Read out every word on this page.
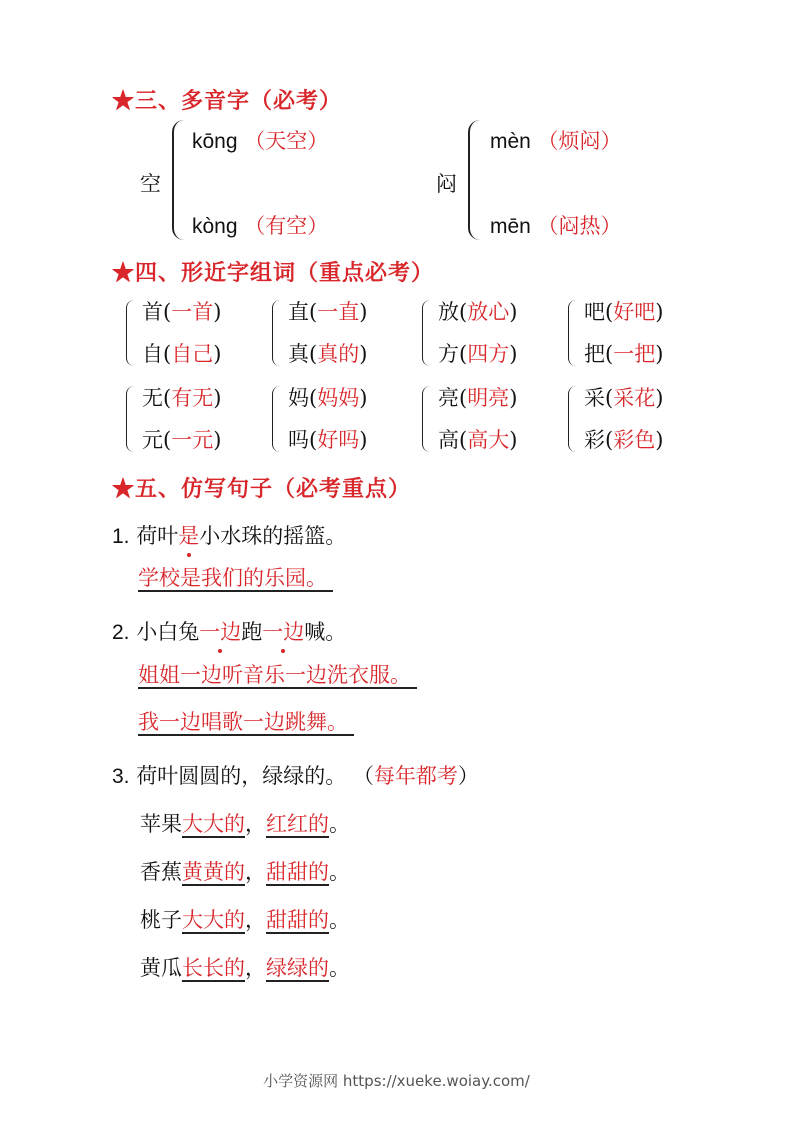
★三、多音字（必考）
空
kōng （天空）
kòng （有空）
闷
mèn （烦闷）
mēn （闷热）
★四、形近字组词（重点必考）
首(一首)
自(自己)
直(一直)
真(真的)
放(放心)
方(四方)
吧(好吧)
把(一把)
无(有无)
元(一元)
妈(妈妈)
吗(好吗)
亮(明亮)
高(高大)
采(采花)
彩(彩色)
★五、仿写句子（必考重点）
1. 荷叶是小水珠的摇篮。
学校是我们的乐园。
2. 小白兔一边跑一边喊。
姐姐一边听音乐一边洗衣服。
我一边唱歌一边跳舞。
3. 荷叶圆圆的，绿绿的。 （每年都考）
苹果大大的，红红的。
香蕉黄黄的，甜甜的。
桃子大大的，甜甜的。
黄瓜长长的，绿绿的。
小学资源网 https://xueke.woiay.com/
